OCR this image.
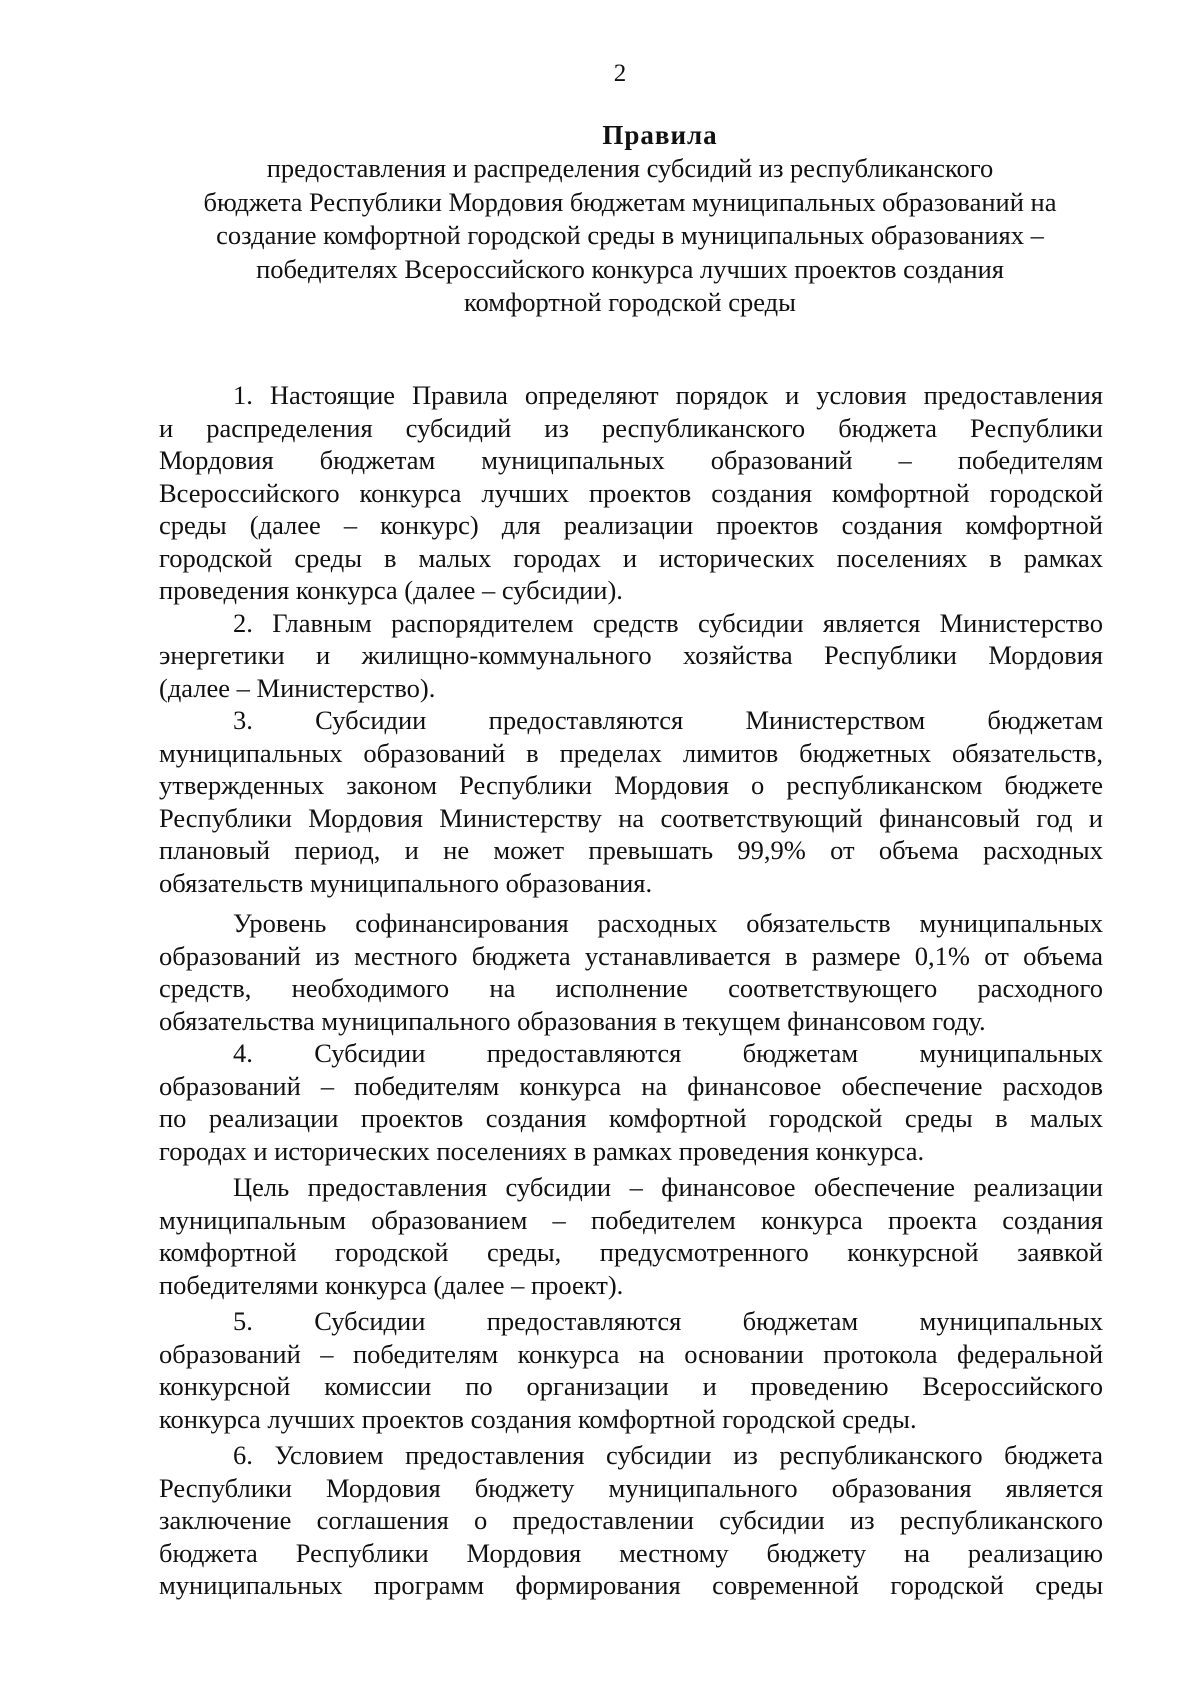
2
Правила
предоставления и распределения субсидий из республиканского
бюджета Республики Мордовия бюджетам муниципальных образований на
создание комфортной городской среды в муниципальных образованиях –
победителях Всероссийского конкурса лучших проектов создания
комфортной городской среды
1. Настоящие Правила определяют порядок и условия предоставления
и распределения субсидий из республиканского бюджета Республики
Мордовия бюджетам муниципальных образований – победителям
Всероссийского конкурса лучших проектов создания комфортной городской
среды (далее – конкурс) для реализации проектов создания комфортной
городской среды в малых городах и исторических поселениях в рамках
проведения конкурса (далее – субсидии).
2. Главным распорядителем средств субсидии является Министерство
энергетики и жилищно-коммунального хозяйства Республики Мордовия
(далее – Министерство).
3. Субсидии предоставляются Министерством бюджетам
муниципальных образований в пределах лимитов бюджетных обязательств,
утвержденных законом Республики Мордовия о республиканском бюджете
Республики Мордовия Министерству на соответствующий финансовый год и
плановый период, и не может превышать 99,9% от объема расходных
обязательств муниципального образования.
Уровень софинансирования расходных обязательств муниципальных
образований из местного бюджета устанавливается в размере 0,1% от объема
средств, необходимого на исполнение соответствующего расходного
обязательства муниципального образования в текущем финансовом году.
4. Субсидии предоставляются бюджетам муниципальных
образований – победителям конкурса на финансовое обеспечение расходов
по реализации проектов создания комфортной городской среды в малых
городах и исторических поселениях в рамках проведения конкурса.
Цель предоставления субсидии – финансовое обеспечение реализации
муниципальным образованием – победителем конкурса проекта создания
комфортной городской среды, предусмотренного конкурсной заявкой
победителями конкурса (далее – проект).
5. Субсидии предоставляются бюджетам муниципальных
образований – победителям конкурса на основании протокола федеральной
конкурсной комиссии по организации и проведению Всероссийского
конкурса лучших проектов создания комфортной городской среды.
6. Условием предоставления субсидии из республиканского бюджета
Республики Мордовия бюджету муниципального образования является
заключение соглашения о предоставлении субсидии из республиканского
бюджета Республики Мордовия местному бюджету на реализацию
муниципальных программ формирования современной городской среды
